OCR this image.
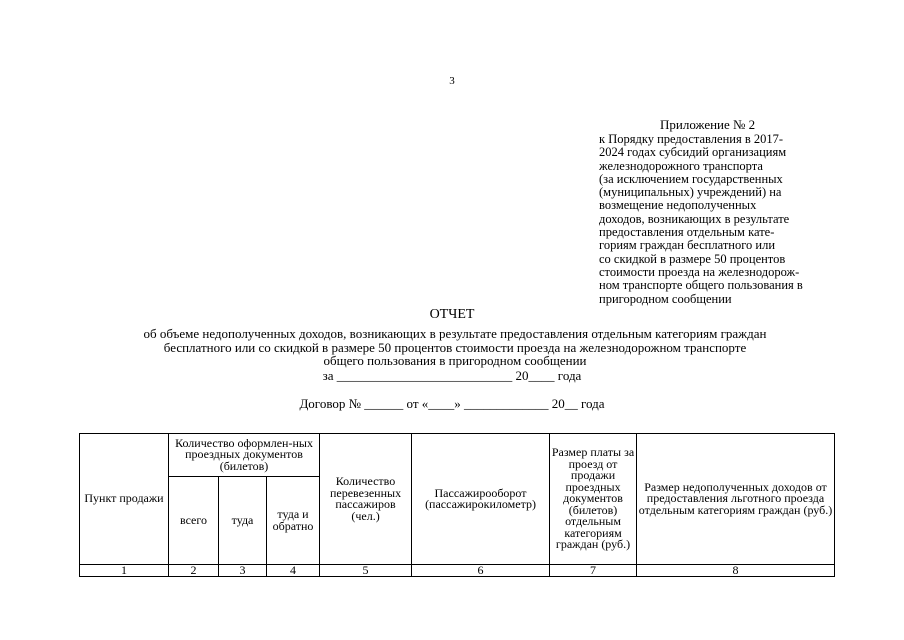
3
Приложение № 2
к Порядку предоставления в 2017-
2024 годах субсидий организациям
железнодорожного транспорта
(за исключением государственных
(муниципальных) учреждений) на
возмещение недополученных
доходов, возникающих в результате
предоставления отдельным кате-
гориям граждан бесплатного или
со скидкой в размере 50 процентов
стоимости проезда на железнодорож-
ном транспорте общего пользования в
пригородном сообщении
ОТЧЕТ
об объеме недополученных доходов, возникающих в результате предоставления отдельным категориям граждан
бесплатного или со скидкой в размере 50 процентов стоимости проезда на железнодорожном транспорте
общего пользования в пригородном сообщении
за ___________________________ 20____ года
Договор № ______ от «____» _____________ 20__ года
Пункт продажи	Количество оформлен-ных проездных документов (билетов)			Количество перевезенных пассажиров (чел.)	Пассажирооборот (пассажирокилометр)	Размер платы за проезд от продажи проездных документов (билетов) отдельным категориям граждан (руб.)	Размер недополученных доходов от предоставления льготного проезда отдельным категориям граждан (руб.)
	всего	туда	туда и обратно				
1	2	3	4	5	6	7	8
